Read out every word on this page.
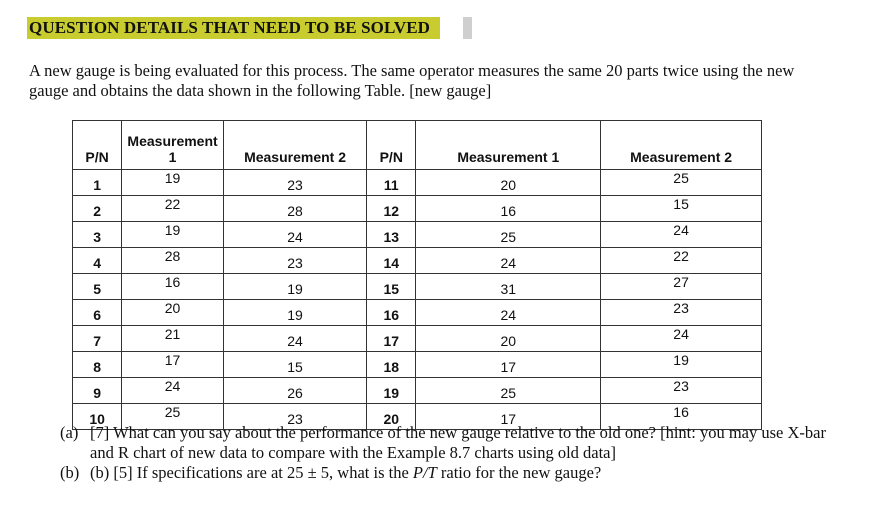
QUESTION DETAILS THAT NEED TO BE SOLVED
A new gauge is being evaluated for this process. The same operator measures the same 20 parts twice using the new gauge and obtains the data shown in the following Table. [new gauge]
P/N	Measurement 1	Measurement 2	P/N	Measurement 1	Measurement 2

1	19	23	11	20	25

2	22	28	12	16	15

3	19	24	13	25	24

4	28	23	14	24	22

5	16	19	15	31	27

6	20	19	16	24	23

7	21	24	17	20	24

8	17	15	18	17	19

9	24	26	19	25	23

10	25	23	20	17	16
(a) [7] What can you say about the performance of the new gauge relative to the old one? [hint: you may use X-bar and R chart of new data to compare with the Example 8.7 charts using old data]
(b) (b) [5] If specifications are at 25 ± 5, what is the P/T ratio for the new gauge?
